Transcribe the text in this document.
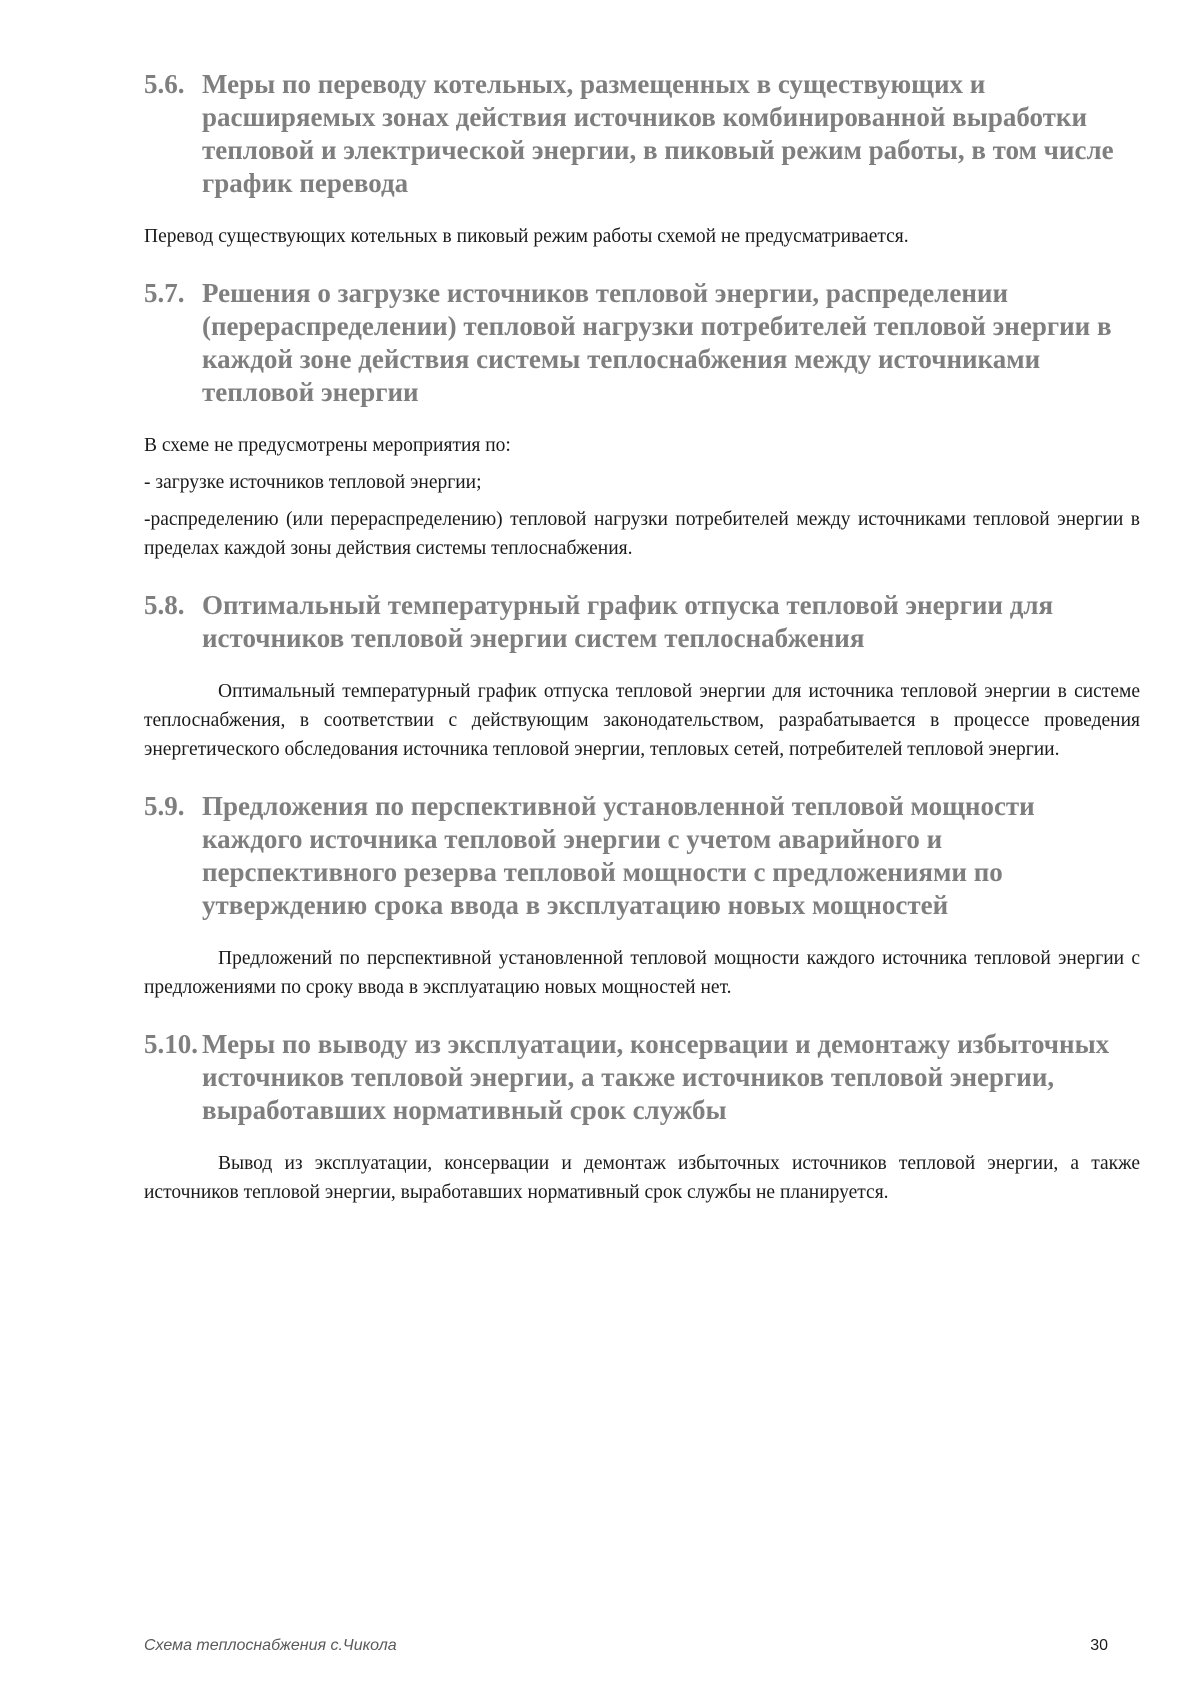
5.6. Меры по переводу котельных, размещенных в существующих и расширяемых зонах действия источников комбинированной выработки тепловой и электрической энергии, в пиковый режим работы, в том числе график перевода

Перевод существующих котельных в пиковый режим работы схемой не предусматривается.

5.7. Решения о загрузке источников тепловой энергии, распределении (перераспределении) тепловой нагрузки потребителей тепловой энергии в каждой зоне действия системы теплоснабжения между источниками тепловой энергии

В схеме не предусмотрены мероприятия по:

- загрузке источников тепловой энергии;

-распределению (или перераспределению) тепловой нагрузки потребителей между источниками тепловой энергии в пределах каждой зоны действия системы теплоснабжения.

5.8. Оптимальный температурный график отпуска тепловой энергии для источников тепловой энергии систем теплоснабжения

Оптимальный температурный график отпуска тепловой энергии для источника тепловой энергии в системе теплоснабжения, в соответствии с действующим законодательством, разрабатывается в процессе проведения энергетического обследования источника тепловой энергии, тепловых сетей, потребителей тепловой энергии.

5.9. Предложения по перспективной установленной тепловой мощности каждого источника тепловой энергии с учетом аварийного и перспективного резерва тепловой мощности с предложениями по утверждению срока ввода в эксплуатацию новых мощностей

Предложений по перспективной установленной тепловой мощности каждого источника тепловой энергии с предложениями по сроку ввода в эксплуатацию новых мощностей нет.

5.10. Меры по выводу из эксплуатации, консервации и демонтажу избыточных источников тепловой энергии, а также источников тепловой энергии, выработавших нормативный срок службы

Вывод из эксплуатации, консервации и демонтаж избыточных источников тепловой энергии, а также источников тепловой энергии, выработавших нормативный срок службы не планируется.

Схема теплоснабжения с.Чикола	30
